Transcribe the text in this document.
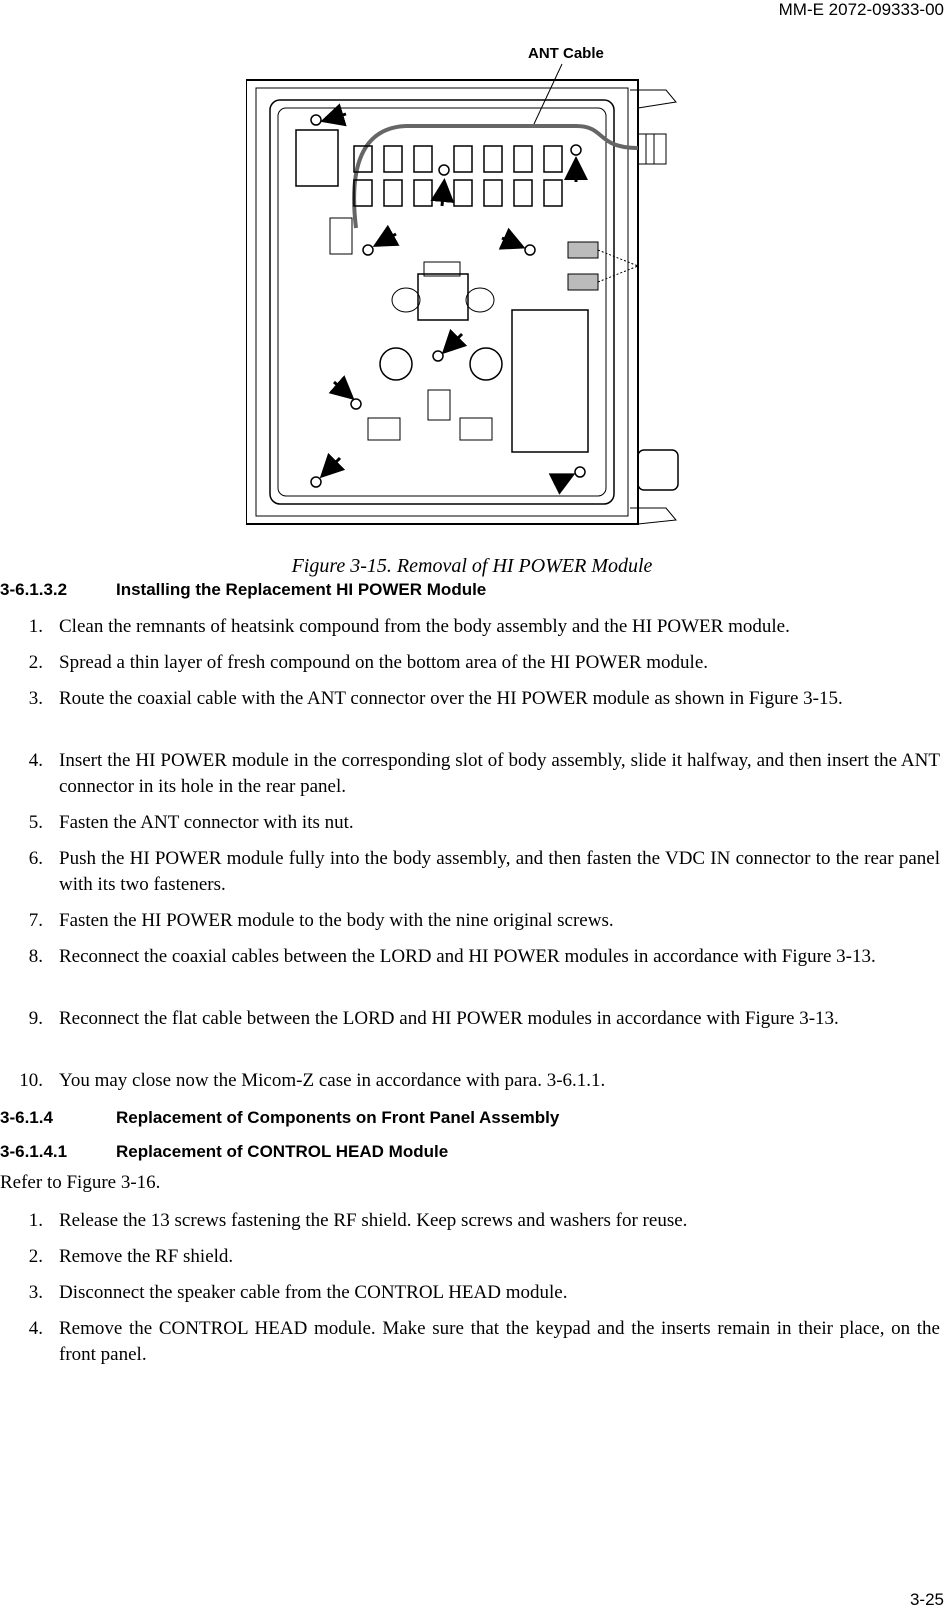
MM-E 2072-09333-00
ANT Cable
Figure 3-15. Removal of HI POWER Module
3-6.1.3.2	Installing the Replacement HI POWER Module
1. Clean the remnants of heatsink compound from the body assembly and the HI POWER module.
2. Spread a thin layer of fresh compound on the bottom area of the HI POWER module.
3. Route the coaxial cable with the ANT connector over the HI POWER module as shown in Figure 3-15.
4. Insert the HI POWER module in the corresponding slot of body assembly, slide it halfway, and then insert the ANT connector in its hole in the rear panel.
5. Fasten the ANT connector with its nut.
6. Push the HI POWER module fully into the body assembly, and then fasten the VDC IN connector to the rear panel with its two fasteners.
7. Fasten the HI POWER module to the body with the nine original screws.
8. Reconnect the coaxial cables between the LORD and HI POWER modules in accordance with Figure 3-13.
9. Reconnect the flat cable between the LORD and HI POWER modules in accordance with Figure 3-13.
10. You may close now the Micom-Z case in accordance with para. 3-6.1.1.
3-6.1.4	Replacement of Components on Front Panel Assembly
3-6.1.4.1	Replacement of CONTROL HEAD Module
Refer to Figure 3-16.
1. Release the 13 screws fastening the RF shield. Keep screws and washers for reuse.
2. Remove the RF shield.
3. Disconnect the speaker cable from the CONTROL HEAD module.
4. Remove the CONTROL HEAD module. Make sure that the keypad and the inserts remain in their place, on the front panel.
3-25
